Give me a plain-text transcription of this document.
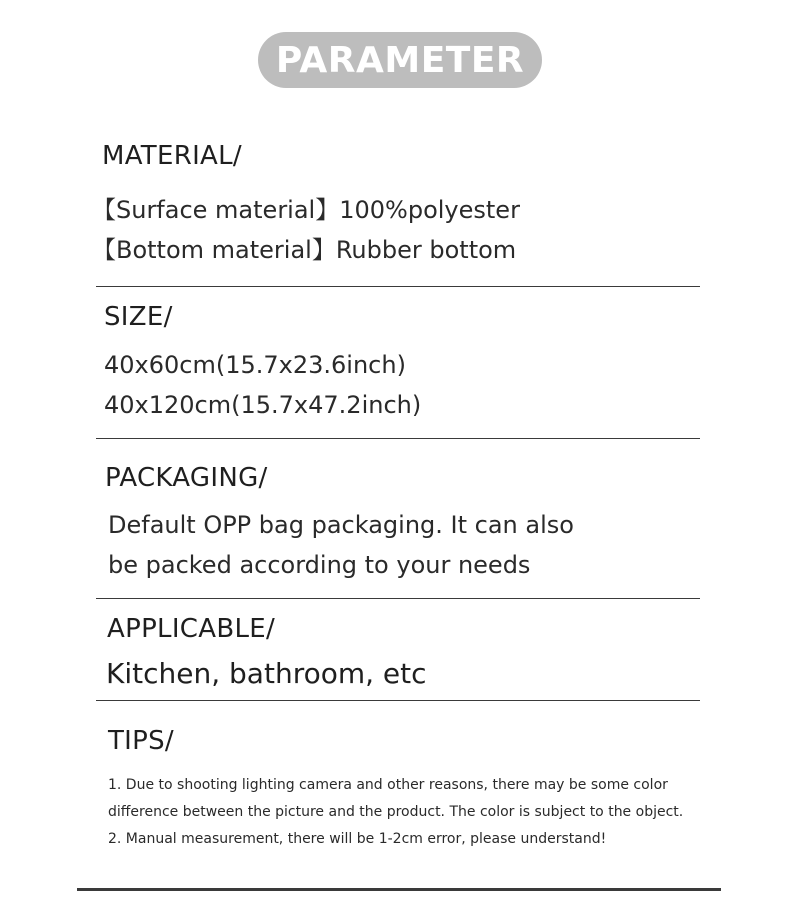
PARAMETER
MATERIAL/
【Surface material】100%polyester
【Bottom material】Rubber bottom
SIZE/
40x60cm(15.7x23.6inch)
40x120cm(15.7x47.2inch)
PACKAGING/
Default OPP bag packaging. It can also
be packed according to your needs
APPLICABLE/
Kitchen, bathroom, etc
TIPS/
1. Due to shooting lighting camera and other reasons, there may be some color
difference between the picture and the product. The color is subject to the object.
2. Manual measurement, there will be 1-2cm error, please understand!
